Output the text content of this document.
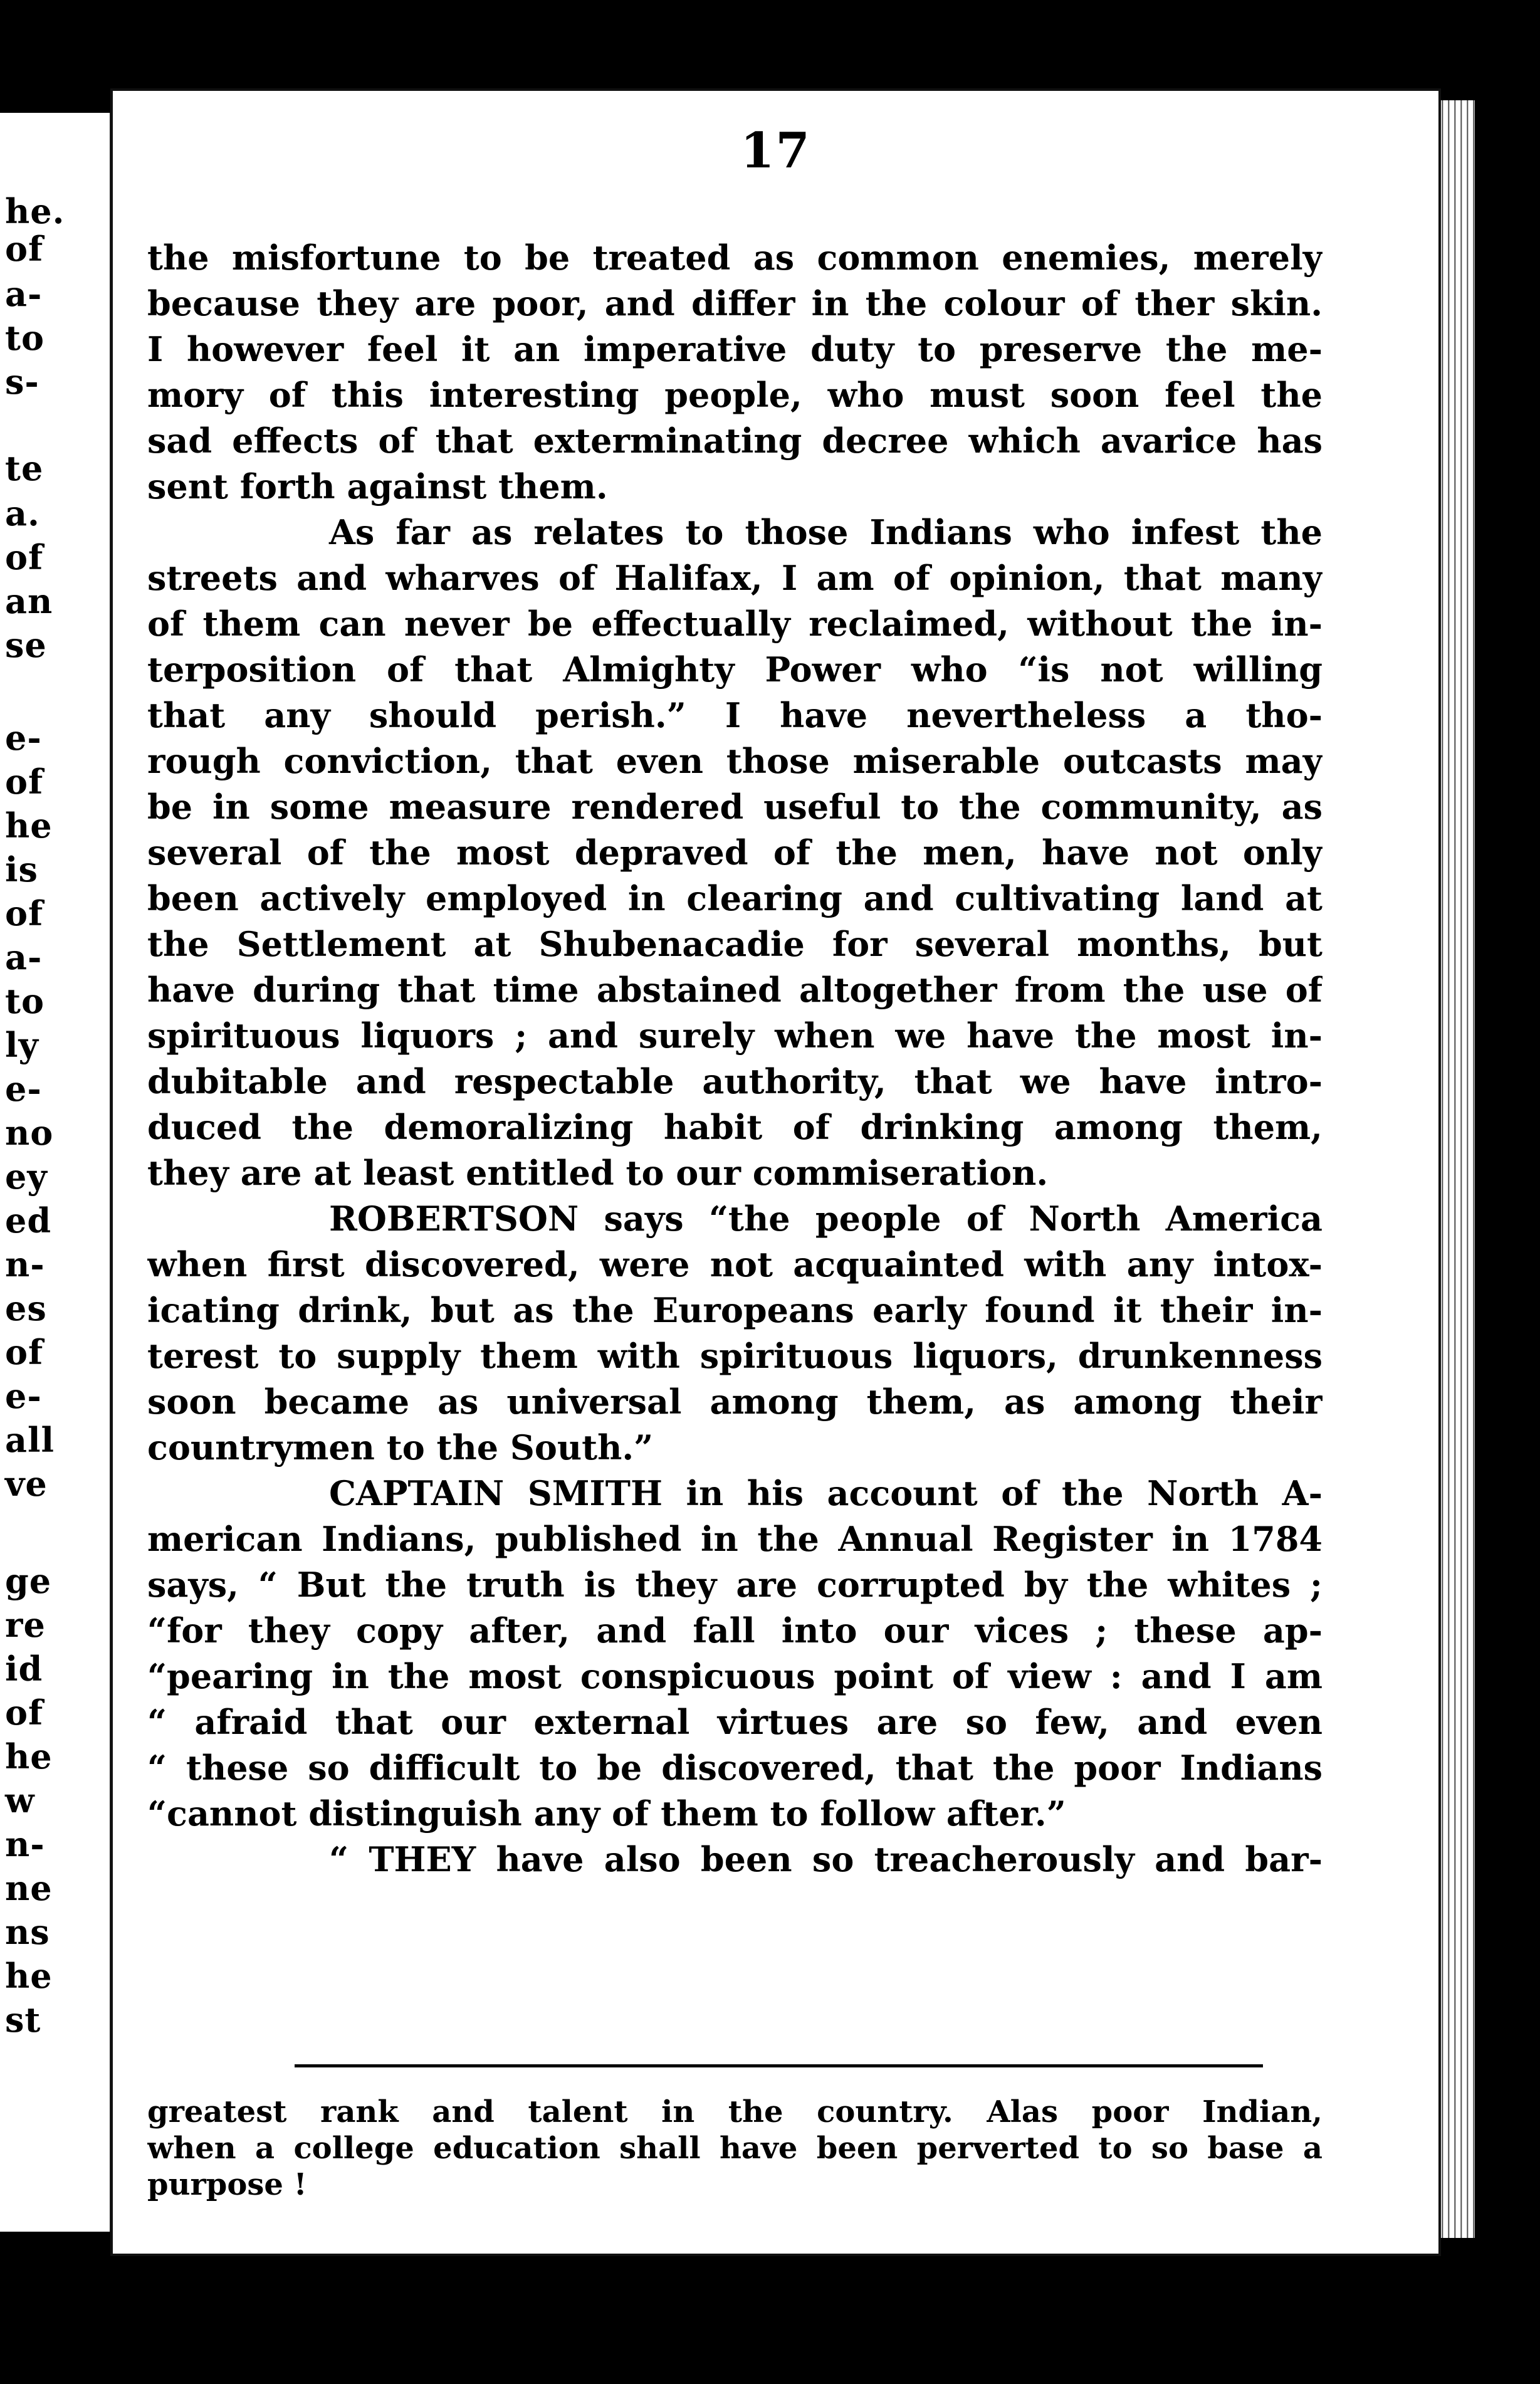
he.
of
a-
to
s-
te
a.
of
an
se
e-
of
he
is
of
a-
to
ly
e-
no
ey
ed
n-
es
of
e-
all
ve
ge
re
id
of
he
w
n-
ne
ns
he
st
17
the misfortune to be treated as common enemies, merely
because they are poor, and differ in the colour of ther skin.
I however feel it an imperative duty to preserve the me-
mory of this interesting people, who must soon feel the
sad effects of that exterminating decree which avarice has
sent forth against them.
As far as relates to those Indians who infest the
streets and wharves of Halifax, I am of opinion, that many
of them can never be effectually reclaimed, without the in-
terposition of that Almighty Power who “is not willing
that any should perish.” I have nevertheless a tho-
rough conviction, that even those miserable outcasts may
be in some measure rendered useful to the community, as
several of the most depraved of the men, have not only
been actively employed in clearing and cultivating land at
the Settlement at Shubenacadie for several months, but
have during that time abstained altogether from the use of
spirituous liquors ; and surely when we have the most in-
dubitable and respectable authority, that we have intro-
duced the demoralizing habit of drinking among them,
they are at least entitled to our commiseration.
ROBERTSON says “the people of North America
when first discovered, were not acquainted with any intox-
icating drink, but as the Europeans early found it their in-
terest to supply them with spirituous liquors, drunkenness
soon became as universal among them, as among their
countrymen to the South.”
CAPTAIN SMITH in his account of the North A-
merican Indians, published in the Annual Register in 1784
says, “ But the truth is they are corrupted by the whites ;
“for they copy after, and fall into our vices ; these ap-
“pearing in the most conspicuous point of view : and I am
“ afraid that our external virtues are so few, and even
“ these so difficult to be discovered, that the poor Indians
“cannot distinguish any of them to follow after.”
“ THEY have also been so treacherously and bar-
greatest rank and talent in the country. Alas poor Indian,
when a college education shall have been perverted to so base a
purpose !
